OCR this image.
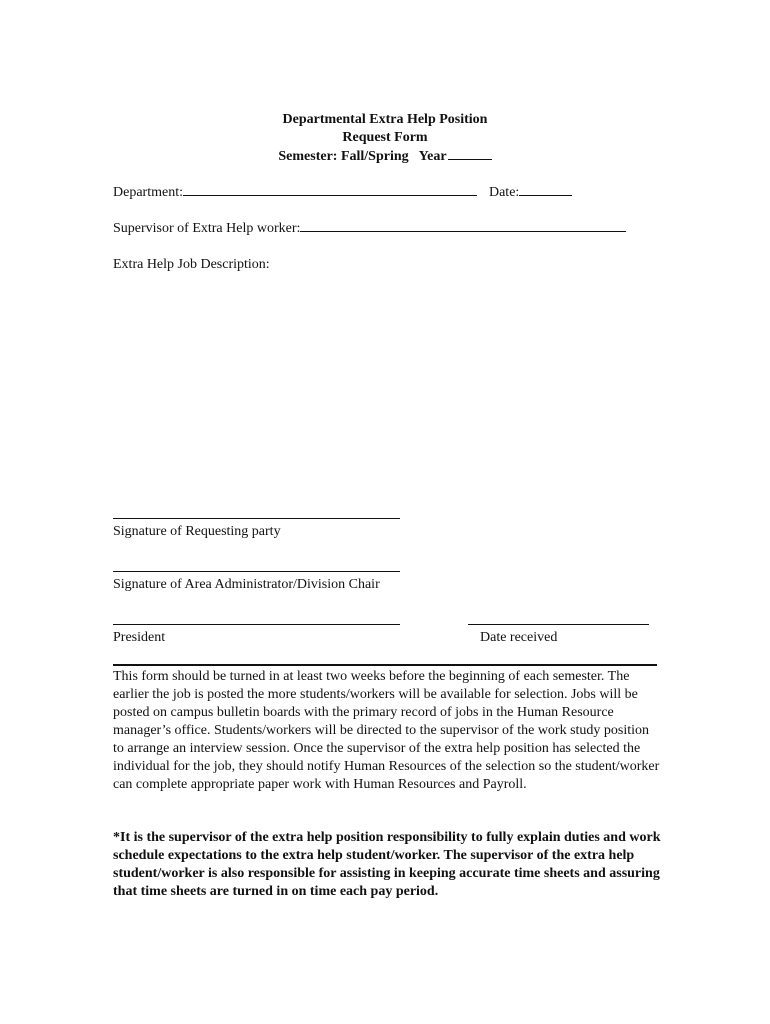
Departmental Extra Help Position
Request Form
Semester: Fall/Spring   Year
Department:	Date:
Supervisor of Extra Help worker:
Extra Help Job Description:
Signature of Requesting party
Signature of Area Administrator/Division Chair
President	Date received
This form should be turned in at least two weeks before the beginning of each semester. The earlier the job is posted the more students/workers will be available for selection. Jobs will be posted on campus bulletin boards with the primary record of jobs in the Human Resource manager’s office. Students/workers will be directed to the supervisor of the work study position to arrange an interview session. Once the supervisor of the extra help position has selected the individual for the job, they should notify Human Resources of the selection so the student/worker can complete appropriate paper work with Human Resources and Payroll.
*It is the supervisor of the extra help position responsibility to fully explain duties and work schedule expectations to the extra help student/worker. The supervisor of the extra help student/worker is also responsible for assisting in keeping accurate time sheets and assuring that time sheets are turned in on time each pay period.
